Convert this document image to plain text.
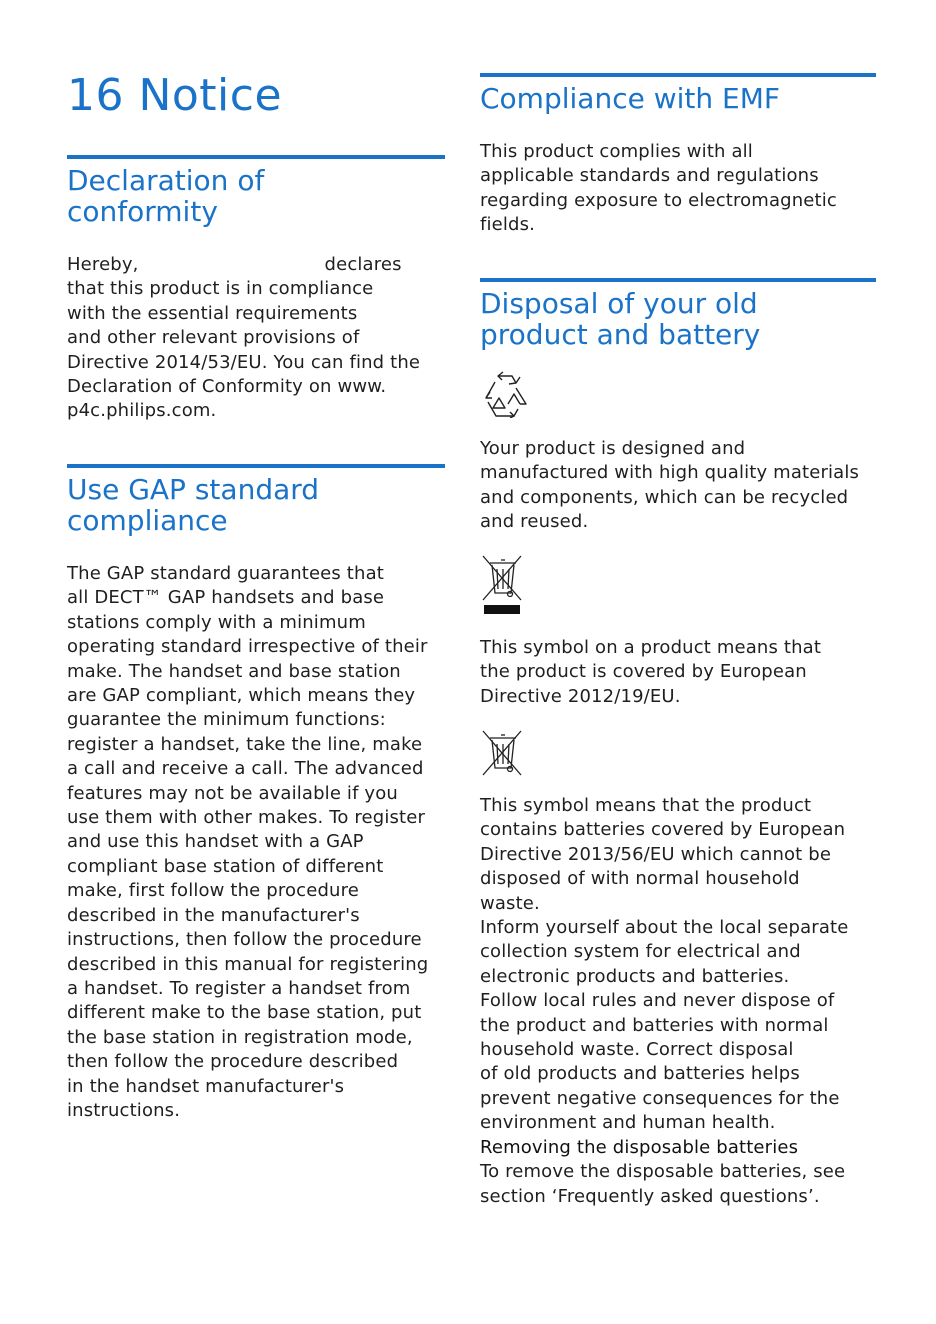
16 Notice
Declaration of
conformity
Hereby,	declares
that this product is in compliance
with the essential requirements
and other relevant provisions of
Directive 2014/53/EU. You can find the
Declaration of Conformity on www.
p4c.philips.com.
Use GAP standard
compliance

The GAP standard guarantees that
all DECT™ GAP handsets and base
stations comply with a minimum
operating standard irrespective of their
make. The handset and base station
are GAP compliant, which means they
guarantee the minimum functions:
register a handset, take the line, make
a call and receive a call. The advanced
features may not be available if you
use them with other makes. To register
and use this handset with a GAP
compliant base station of different
make, first follow the procedure
described in the manufacturer's
instructions, then follow the procedure
described in this manual for registering
a handset. To register a handset from
different make to the base station, put
the base station in registration mode,
then follow the procedure described
in the handset manufacturer's
instructions.

Compliance with EMF

This product complies with all
applicable standards and regulations
regarding exposure to electromagnetic
fields.

Disposal of your old
product and battery

Your product is designed and
manufactured with high quality materials
and components, which can be recycled
and reused.

This symbol on a product means that
the product is covered by European
Directive 2012/19/EU.

This symbol means that the product
contains batteries covered by European
Directive 2013/56/EU which cannot be
disposed of with normal household
waste.
Inform yourself about the local separate
collection system for electrical and
electronic products and batteries.
Follow local rules and never dispose of
the product and batteries with normal
household waste. Correct disposal
of old products and batteries helps
prevent negative consequences for the
environment and human health.
Removing the disposable batteries
To remove the disposable batteries, see
section ‘Frequently asked questions’.
